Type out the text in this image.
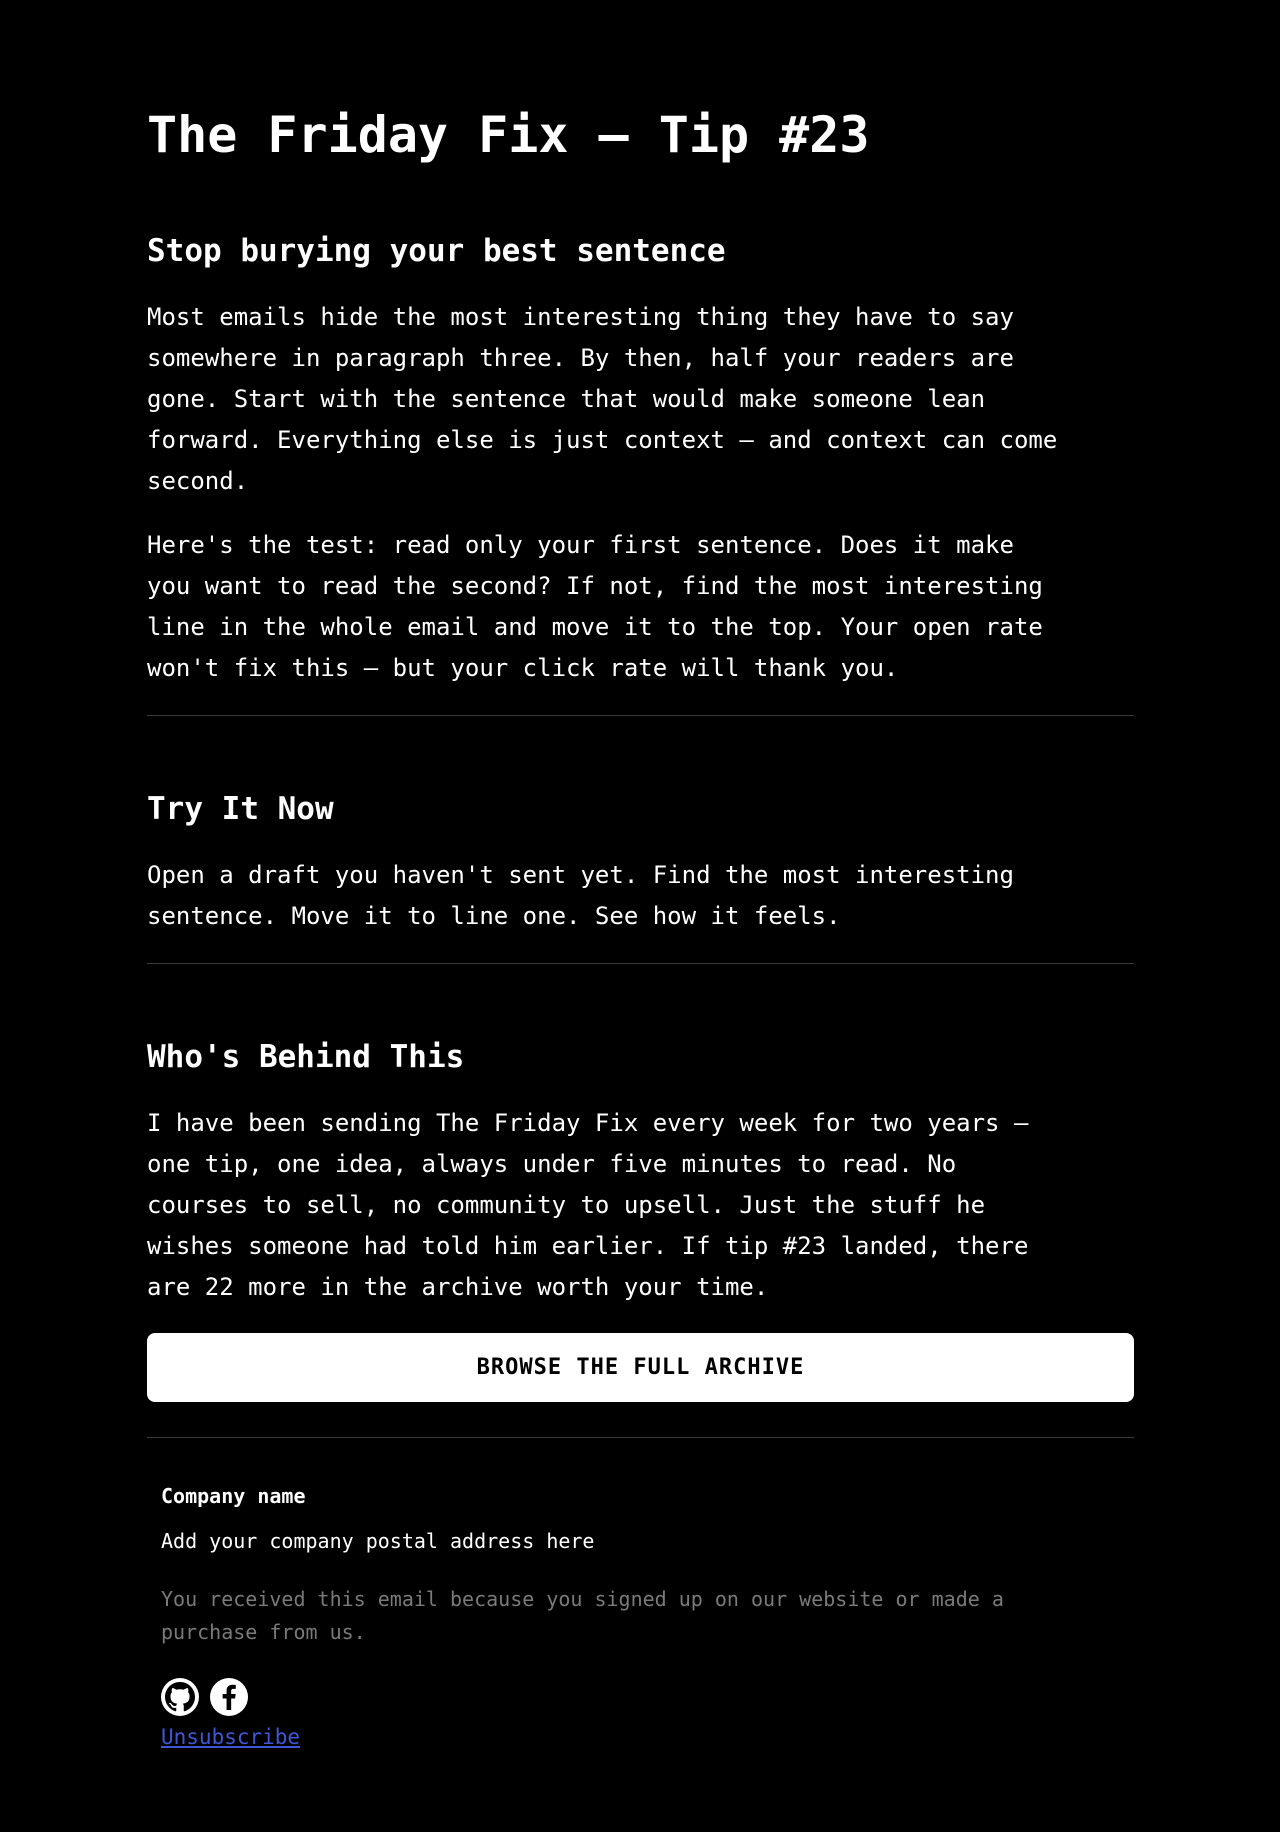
The Friday Fix — Tip #23
Stop burying your best sentence

Most emails hide the most interesting thing they have to say
somewhere in paragraph three. By then, half your readers are
gone. Start with the sentence that would make someone lean
forward. Everything else is just context — and context can come
second.

Here's the test: read only your first sentence. Does it make
you want to read the second? If not, find the most interesting
line in the whole email and move it to the top. Your open rate
won't fix this — but your click rate will thank you.

Try It Now

Open a draft you haven't sent yet. Find the most interesting
sentence. Move it to line one. See how it feels.

Who's Behind This

I have been sending The Friday Fix every week for two years —
one tip, one idea, always under five minutes to read. No
courses to sell, no community to upsell. Just the stuff he
wishes someone had told him earlier. If tip #23 landed, there
are 22 more in the archive worth your time.

BROWSE THE FULL ARCHIVE

Company name

Add your company postal address here

You received this email because you signed up on our website or made a
purchase from us.

Unsubscribe
